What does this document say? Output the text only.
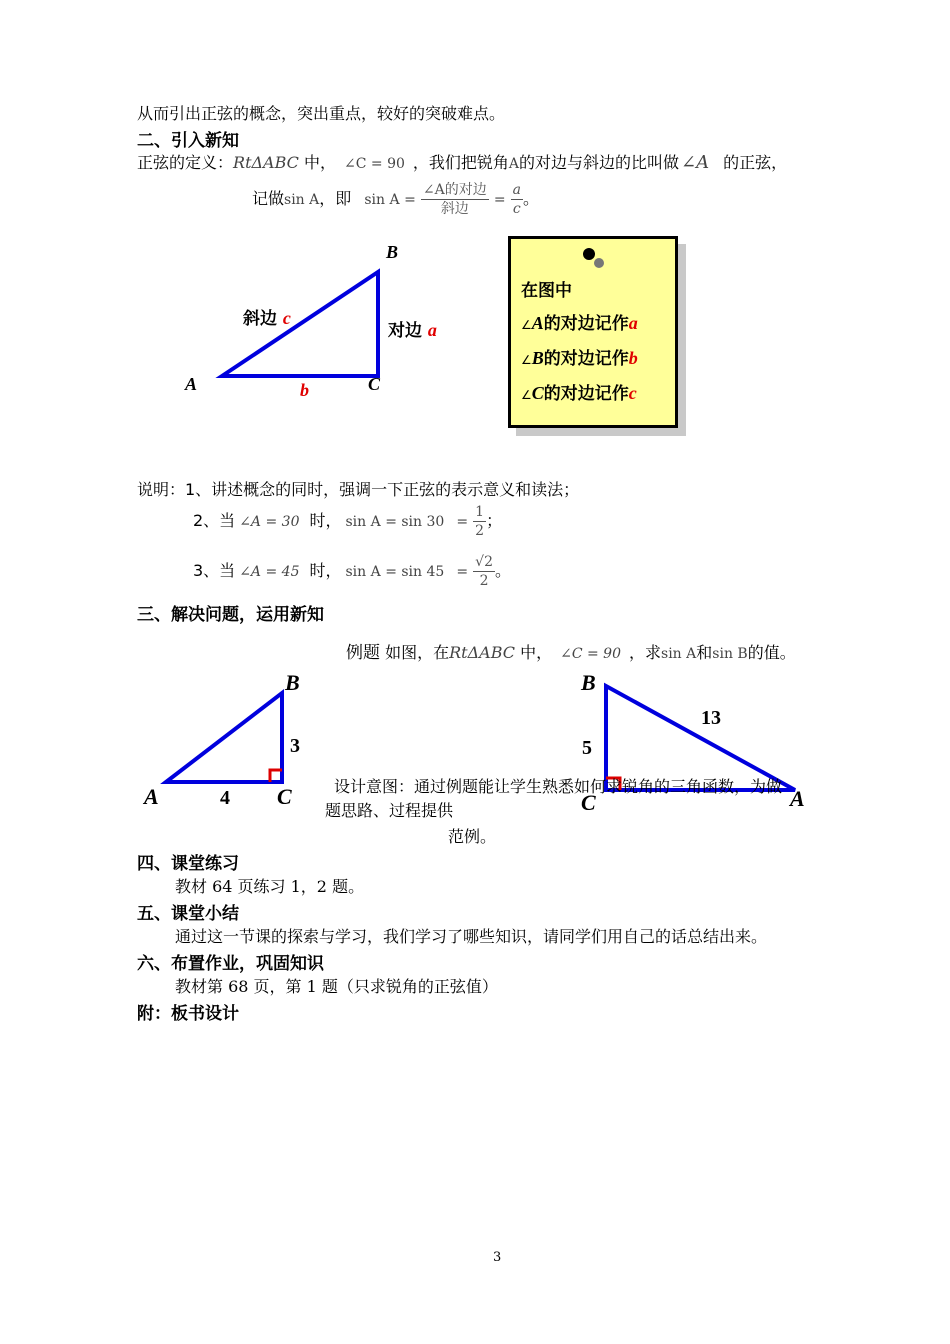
从而引出正弦的概念，突出重点，较好的突破难点。
二、引入新知
正弦的定义：RtΔABC 中， ∠C = 90 ，我们把锐角A的对边与斜边的比叫做 ∠A 的正弦，
记做sin A，即 $\sin A = \frac{\text{∠A的对边}}{\text{斜边}} = \frac{a}{c}$ 。
B
A	C
b
斜边 c
对边 a
在图中
∠A的对边记作a
∠B的对边记作b
∠C的对边记作c
说明：1、讲述概念的同时，强调一下正弦的表示意义和读法；
2、当 ∠A = 30 时， $\sin A = \sin 30 = \frac{1}{2}$ ；
3、当 ∠A = 45 时， $\sin A = \sin 45 = \frac{√2}{2}$ 。
三、解决问题，运用新知
例题 如图，在RtΔABC 中， ∠C = 90 ，求sin A和sin B的值。
B
A	C
3
4
B
C	A
5
13
设计意图：通过例题能让学生熟悉如何求锐角的三角函数，为做
题思路、过程提供
范例。
四、课堂练习
教材 64 页练习 1，2 题。
五、课堂小结
通过这一节课的探索与学习，我们学习了哪些知识，请同学们用自己的话总结出来。
六、布置作业，巩固知识
教材第 68 页，第 1 题（只求锐角的正弦值）
附：板书设计
3
